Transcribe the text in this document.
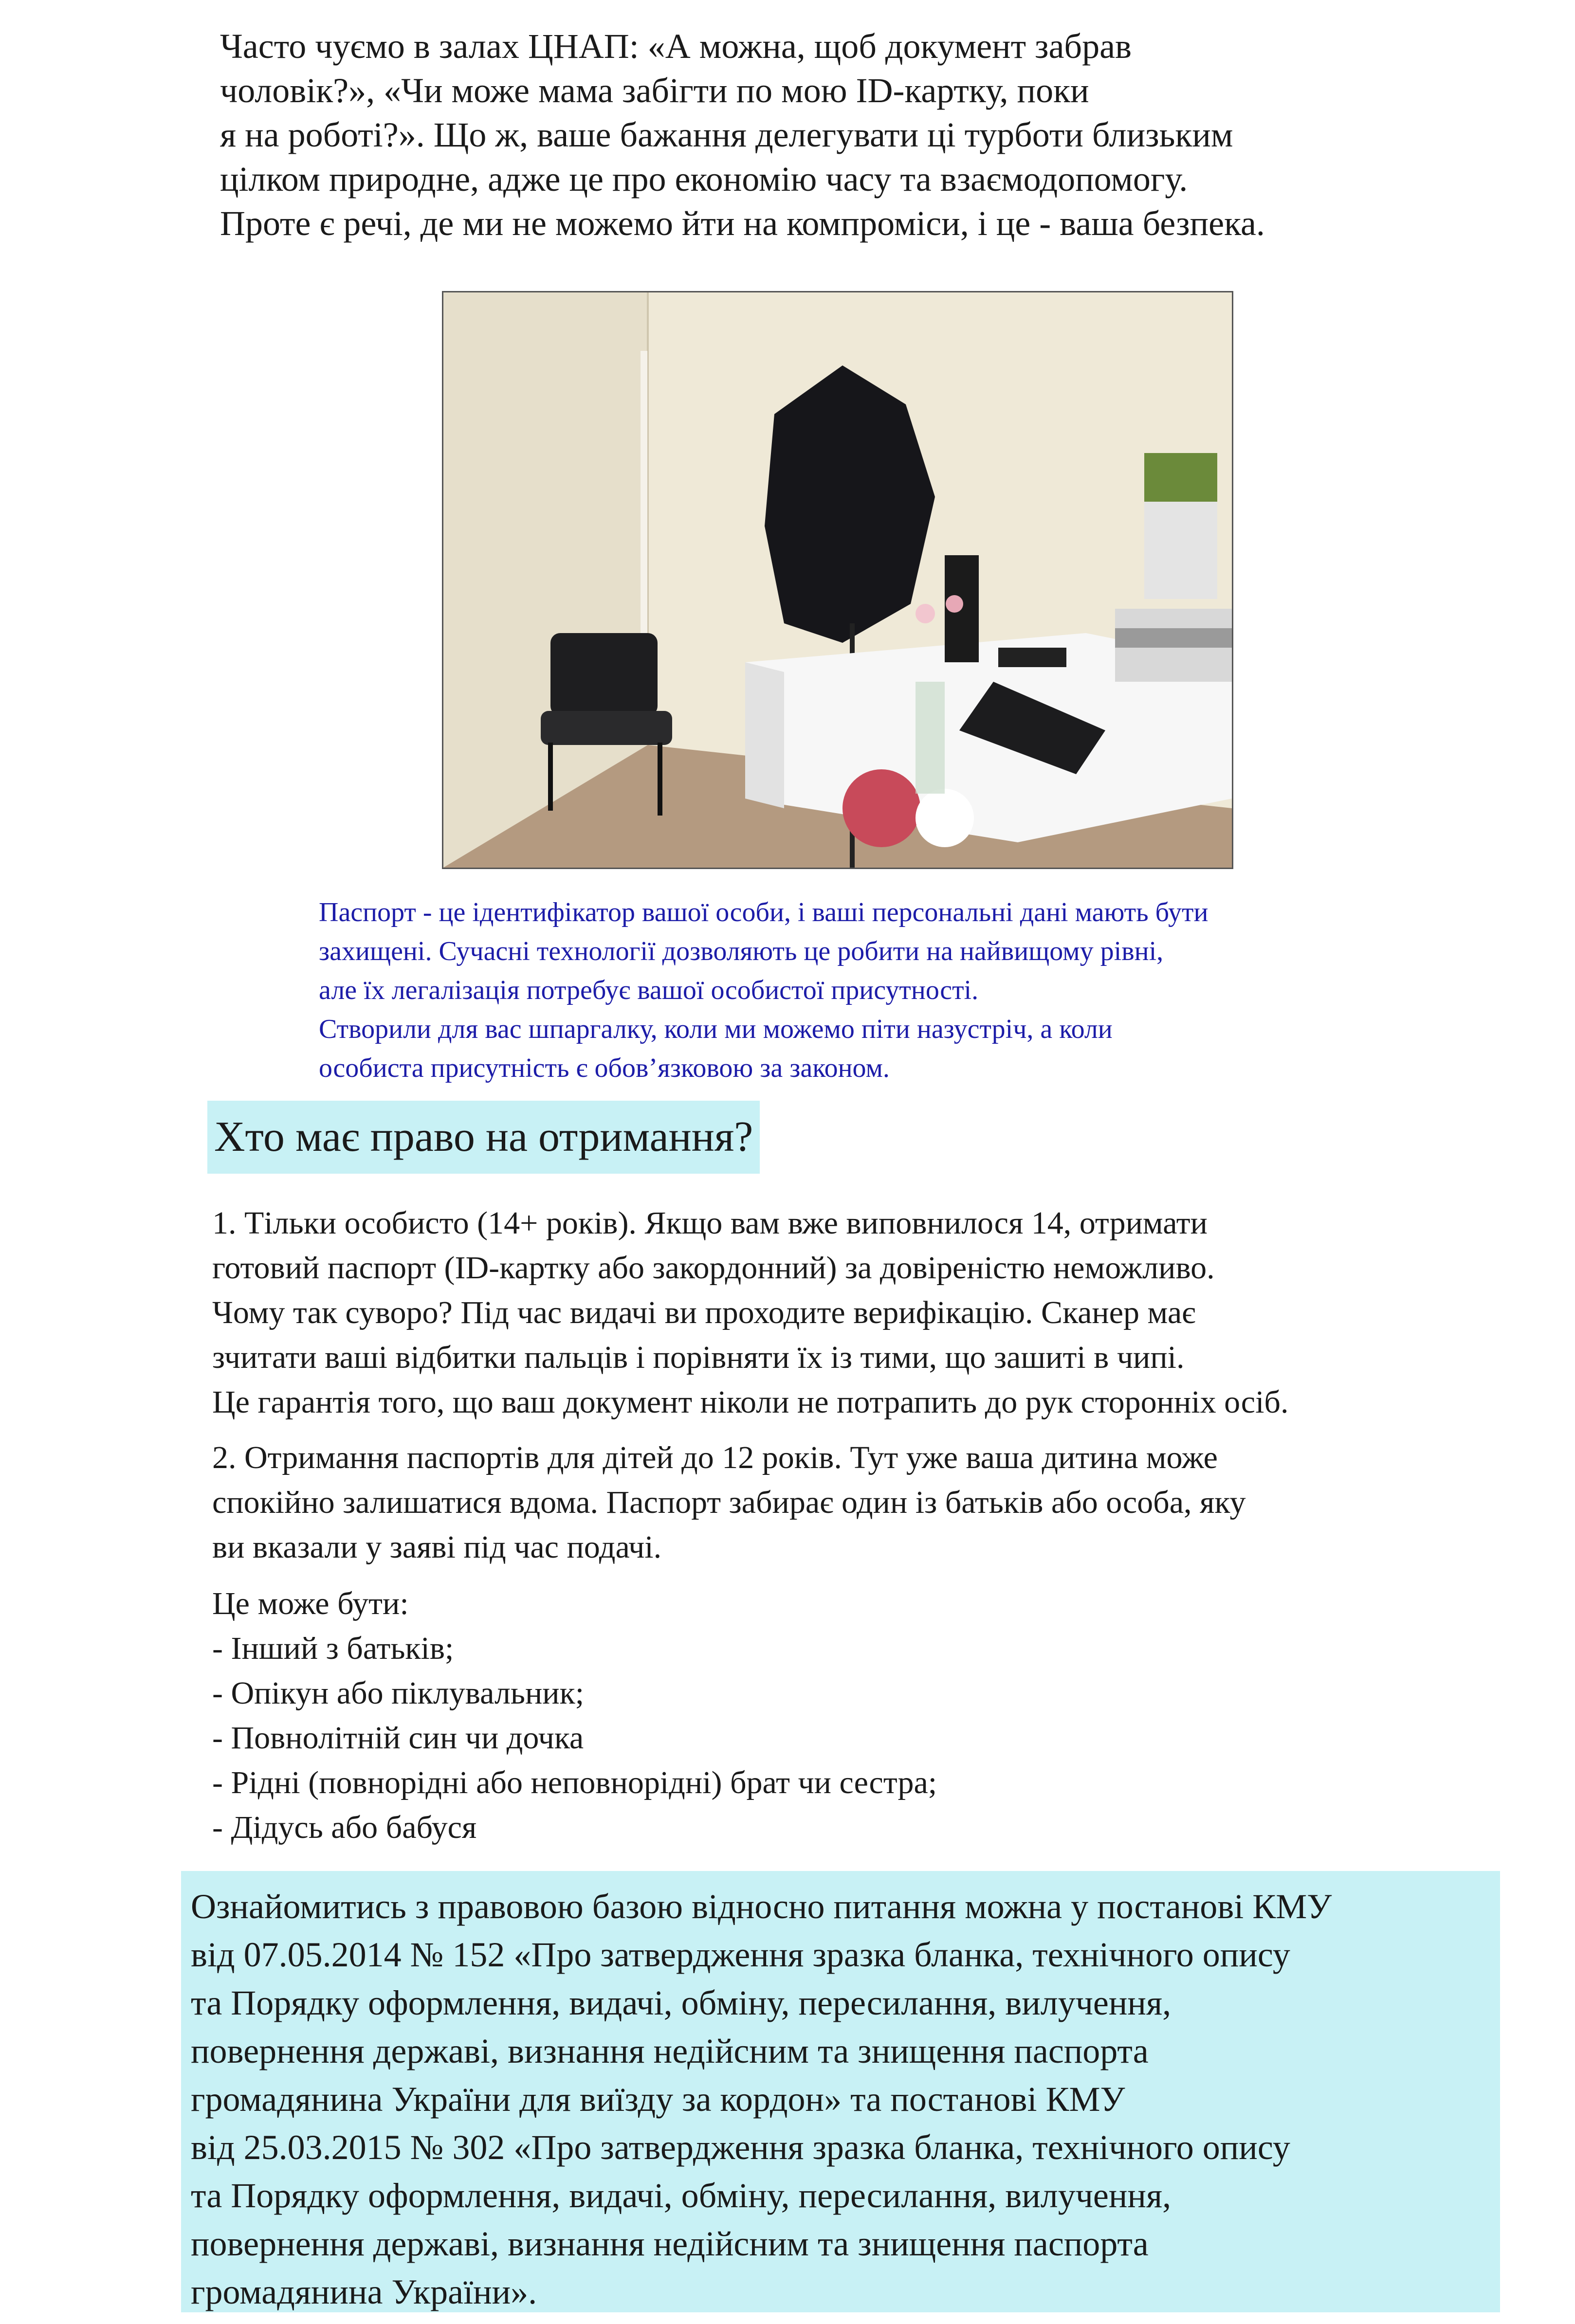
Часто чуємо в залах ЦНАП: «А можна, щоб документ забрав
чоловік?», «Чи може мама забігти по мою ID-картку, поки
я на роботі?». Що ж, ваше бажання делегувати ці турботи близьким
цілком природне, адже це про економію часу та взаємодопомогу.
Проте є речі, де ми не можемо йти на компроміси, і це - ваша безпека.
Паспорт - це ідентифікатор вашої особи, і ваші персональні дані мають бути
захищені. Сучасні технології дозволяють це робити на найвищому рівні,
але їх легалізація потребує вашої особистої присутності.
Створили для вас шпаргалку, коли ми можемо піти назустріч, а коли
особиста присутність є обов’язковою за законом.
Хто має право на отримання?
1. Тільки особисто (14+ років). Якщо вам вже виповнилося 14, отримати
готовий паспорт (ID-картку або закордонний) за довіреністю неможливо.
Чому так суворо? Під час видачі ви проходите верифікацію. Сканер має
зчитати ваші відбитки пальців і порівняти їх із тими, що зашиті в чипі.
Це гарантія того, що ваш документ ніколи не потрапить до рук сторонніх осіб.
2. Отримання паспортів для дітей до 12 років. Тут уже ваша дитина може
спокійно залишатися вдома. Паспорт забирає один із батьків або особа, яку
ви вказали у заяві під час подачі.
Це може бути:
- Інший з батьків;
- Опікун або піклувальник;
- Повнолітній син чи дочка
- Рідні (повнорідні або неповнорідні) брат чи сестра;
- Дідусь або бабуся
Ознайомитись з правовою базою відносно питання можна у постанові КМУ
від 07.05.2014 № 152 «Про затвердження зразка бланка, технічного опису
та Порядку оформлення, видачі, обміну, пересилання, вилучення,
повернення державі, визнання недійсним та знищення паспорта
громадянина України для виїзду за кордон» та постанові КМУ
від 25.03.2015 № 302 «Про затвердження зразка бланка, технічного опису
та Порядку оформлення, видачі, обміну, пересилання, вилучення,
повернення державі, визнання недійсним та знищення паспорта
громадянина України».
